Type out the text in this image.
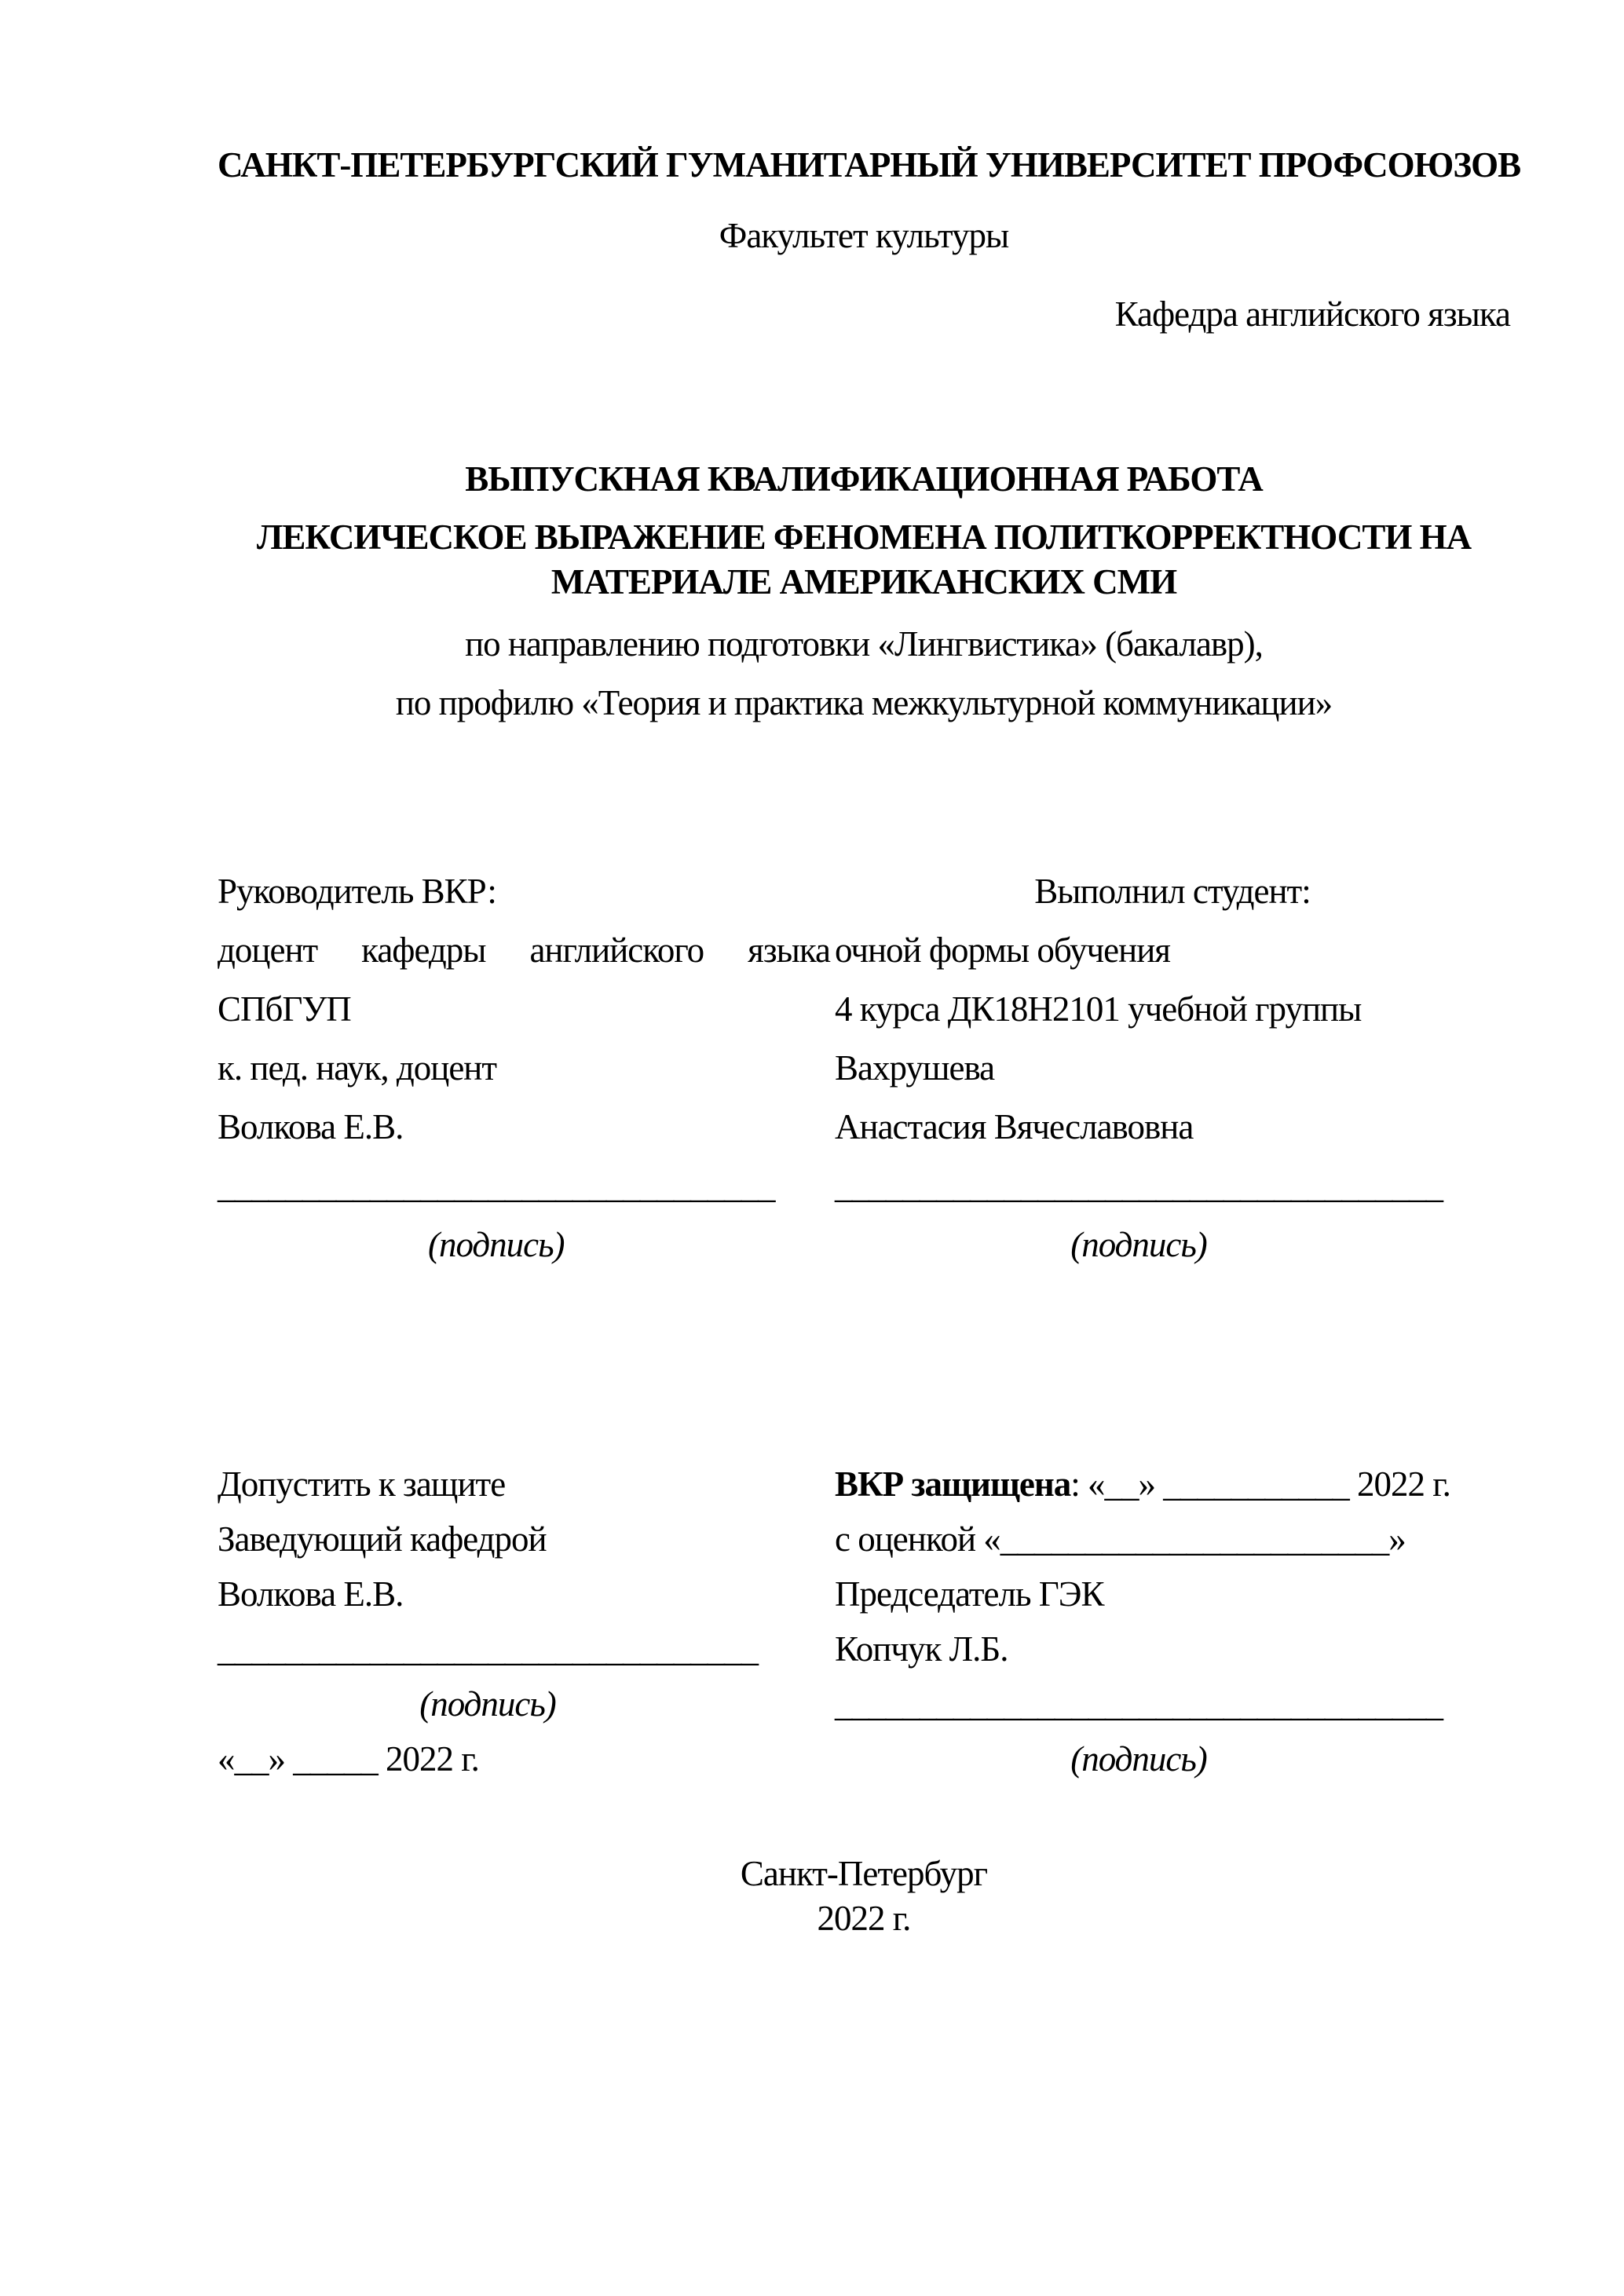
САНКТ-ПЕТЕРБУРГСКИЙ ГУМАНИТАРНЫЙ УНИВЕРСИТЕТ ПРОФСОЮЗОВ
Факультет культуры
Кафедра английского языка
ВЫПУСКНАЯ КВАЛИФИКАЦИОННАЯ РАБОТА
ЛЕКСИЧЕСКОЕ ВЫРАЖЕНИЕ ФЕНОМЕНА ПОЛИТКОРРЕКТНОСТИ НА
МАТЕРИАЛЕ АМЕРИКАНСКИХ СМИ
по направлению подготовки «Лингвистика» (бакалавр),
по профилю «Теория и практика межкультурной коммуникации»
Руководитель ВКР:
доцент кафедры английского языка
СПбГУП
к. пед. наук, доцент
Волкова Е.В.
_________________________________
(подпись)
Выполнил студент:
очной формы обучения
4 курса ДК18Н2101 учебной группы
Вахрушева
Анастасия Вячеславовна
____________________________________
(подпись)
Допустить к защите
Заведующий кафедрой
Волкова Е.В.
________________________________
(подпись)
«__» _____ 2022 г.
ВКР защищена: «__» ___________ 2022 г.
с оценкой «_______________________»
Председатель ГЭК
Копчук Л.Б.
____________________________________
(подпись)
Санкт-Петербург
2022 г.
